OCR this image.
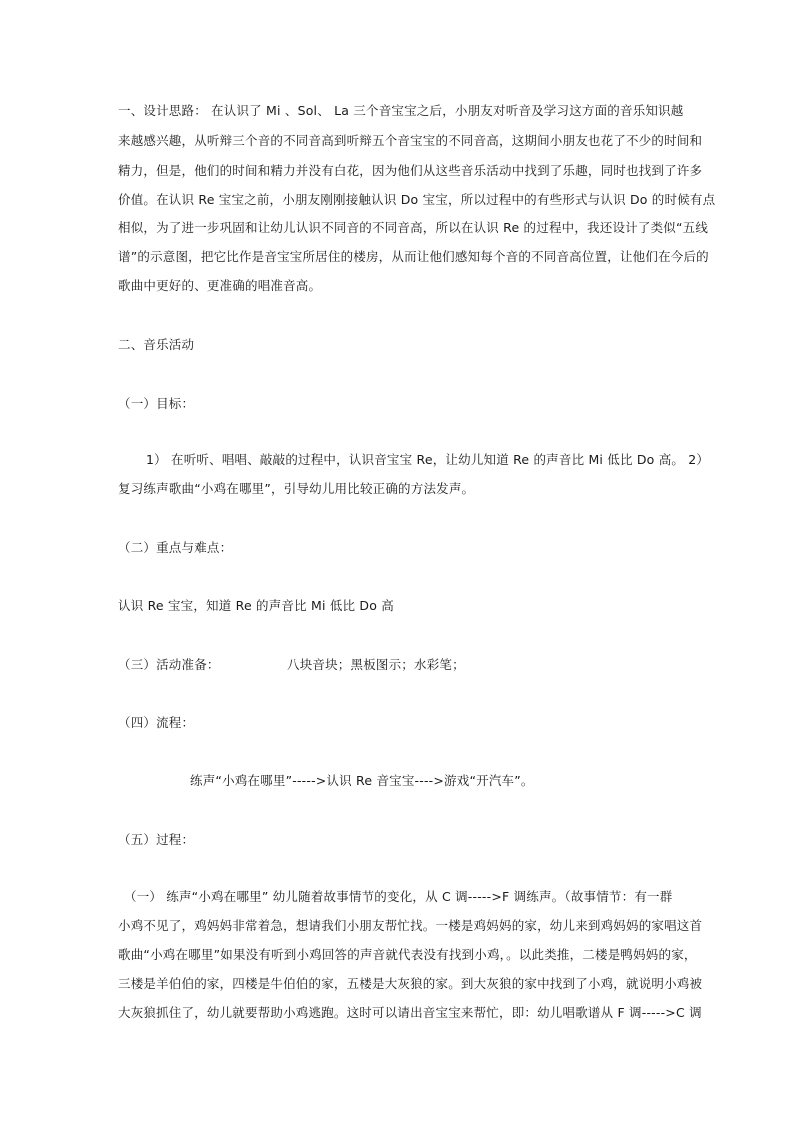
一、设计思路： 在认识了 Mi 、Sol、 La 三个音宝宝之后，小朋友对听音及学习这方面的音乐知识越
来越感兴趣，从听辩三个音的不同音高到听辩五个音宝宝的不同音高，这期间小朋友也花了不少的时间和
精力，但是，他们的时间和精力并没有白花，因为他们从这些音乐活动中找到了乐趣，同时也找到了许多
价值。在认识 Re 宝宝之前，小朋友刚刚接触认识 Do 宝宝，所以过程中的有些形式与认识 Do 的时候有点
相似，为了进一步巩固和让幼儿认识不同音的不同音高，所以在认识 Re 的过程中，我还设计了类似“五线
谱”的示意图，把它比作是音宝宝所居住的楼房，从而让他们感知每个音的不同音高位置，让他们在今后的
歌曲中更好的、更准确的唱准音高。
二、音乐活动
（一）目标：
1） 在听听、唱唱、敲敲的过程中，认识音宝宝 Re，让幼儿知道 Re 的声音比 Mi 低比 Do 高。 2）
复习练声歌曲“小鸡在哪里”，引导幼儿用比较正确的方法发声。
（二）重点与难点：
认识 Re 宝宝，知道 Re 的声音比 Mi 低比 Do 高
（三）活动准备：	八块音块；黑板图示；水彩笔；
（四）流程：
练声“小鸡在哪里”----->认识 Re 音宝宝---->游戏“开汽车”。
（五）过程：
（一） 练声“小鸡在哪里” 幼儿随着故事情节的变化，从 C 调----->F 调练声。（故事情节：有一群
小鸡不见了，鸡妈妈非常着急，想请我们小朋友帮忙找。一楼是鸡妈妈的家，幼儿来到鸡妈妈的家唱这首
歌曲“小鸡在哪里”如果没有听到小鸡回答的声音就代表没有找到小鸡，。以此类推，二楼是鸭妈妈的家，
三楼是羊伯伯的家，四楼是牛伯伯的家，五楼是大灰狼的家。到大灰狼的家中找到了小鸡，就说明小鸡被
大灰狼抓住了，幼儿就要帮助小鸡逃跑。这时可以请出音宝宝来帮忙，即：幼儿唱歌谱从 F 调----->C 调
